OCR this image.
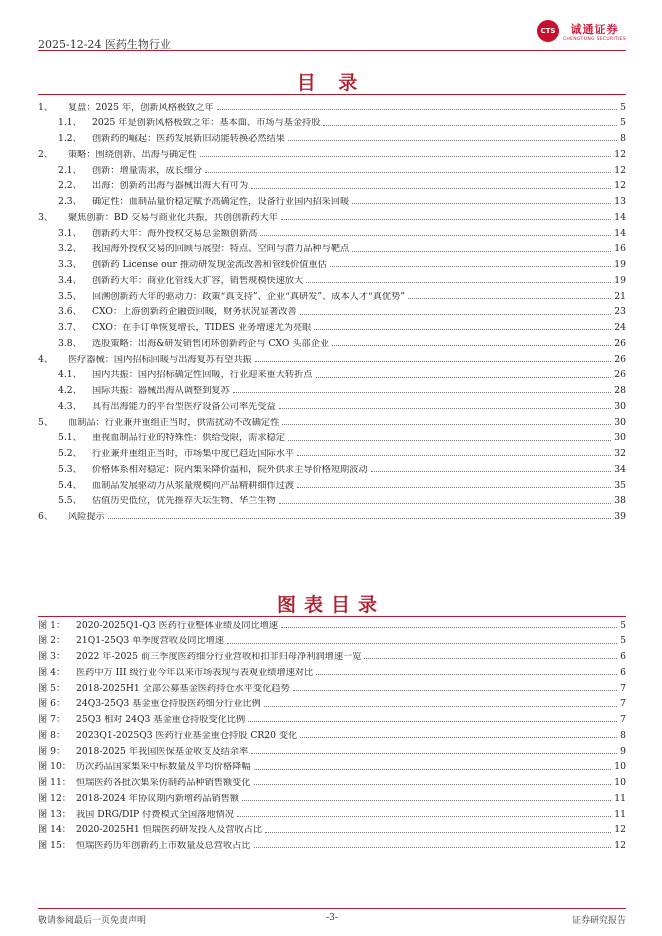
2025-12-24 医药生物行业
CTS	诚通证券
CHENGTONG SECURITIES
目 录
1、	复盘：2025 年，创新风格极致之年	5
1.1、	2025 年是创新风格极致之年：基本面、市场与基金持股	5
1.2、	创新药的崛起：医药发展新旧动能转换必然结果	8
2、	策略：围绕创新、出海与确定性	12
2.1、	创新：增量需求，成长细分	12
2.2、	出海：创新药出海与器械出海大有可为	12
2.3、	确定性：血制品量价稳定赋予高确定性，设备行业国内招采回暖	13
3、	聚焦创新：BD 交易与商业化共振，共创创新药大年	14
3.1、	创新药大年：海外授权交易总金额创新高	14
3.2、	我国海外授权交易的回顾与展望：特点、空间与潜力品种与靶点	16
3.3、	创新药 License our 推动研发现金流改善和管线价值重估	19
3.4、	创新药大年：商业化管线大扩容，销售规模快速放大	19
3.5、	回溯创新药大年的驱动力：政策“真支持”、企业“真研发”、成本人才“真优势”	21
3.6、	CXO：上游创新药企融资回暖，财务状况显著改善	23
3.7、	CXO：在手订单恢复增长，TIDES 业务增速尤为亮眼	24
3.8、	选股策略：出海&研发销售闭环创新药企与 CXO 头部企业	26
4、	医疗器械：国内招标回暖与出海复苏有望共振	26
4.1、	国内共振：国内招标确定性回暖，行业迎来重大转折点	26
4.2、	国际共振：器械出海从调整到复苏	28
4.3、	具有出海能力的平台型医疗设备公司率先受益	30
5、	血制品：行业兼并重组正当时，供需扰动不改确定性	30
5.1、	重视血制品行业的特殊性：供给受限，需求稳定	30
5.2、	行业兼并重组正当时，市场集中度已趋近国际水平	32
5.3、	价格体系相对稳定：院内集采降价温和，院外供求主导价格短期波动	34
5.4、	血制品发展驱动力从浆量规模向产品精耕细作过渡	35
5.5、	估值历史低位，优先推荐天坛生物、华兰生物	38
6、	风险提示	39
图表目录
图 1：	2020-2025Q1-Q3 医药行业整体业绩及同比增速	5
图 2：	21Q1-25Q3 单季度营收及同比增速	5
图 3：	2022 年-2025 前三季度医药细分行业营收和扣非归母净利润增速一览	6
图 4：	医药中万 III 级行业今年以来市场表现与表观业绩增速对比	6
图 5：	2018-2025H1 全部公募基金医药持仓水平变化趋势	7
图 6：	24Q3-25Q3 基金重仓持股医药细分行业比例	7
图 7：	25Q3 相对 24Q3 基金重仓持股变化比例	7
图 8：	2023Q1-2025Q3 医药行业基金重仓持股 CR20 变化	8
图 9：	2018-2025 年我国医保基金收支及结余率	9
图 10： 历次药品国家集采中标数量及平均价格降幅	10
图 11： 恒瑞医药各批次集采仿制药品种销售额变化	10
图 12： 2018-2024 年协议期内新增药品销售额	11
图 13： 我国 DRG/DIP 付费模式全国落地情况	11
图 14： 2020-2025H1 恒瑞医药研发投入及营收占比	12
图 15： 恒瑞医药历年创新药上市数量及总营收占比	12
敬请参阅最后一页免责声明	-3-	证券研究报告
